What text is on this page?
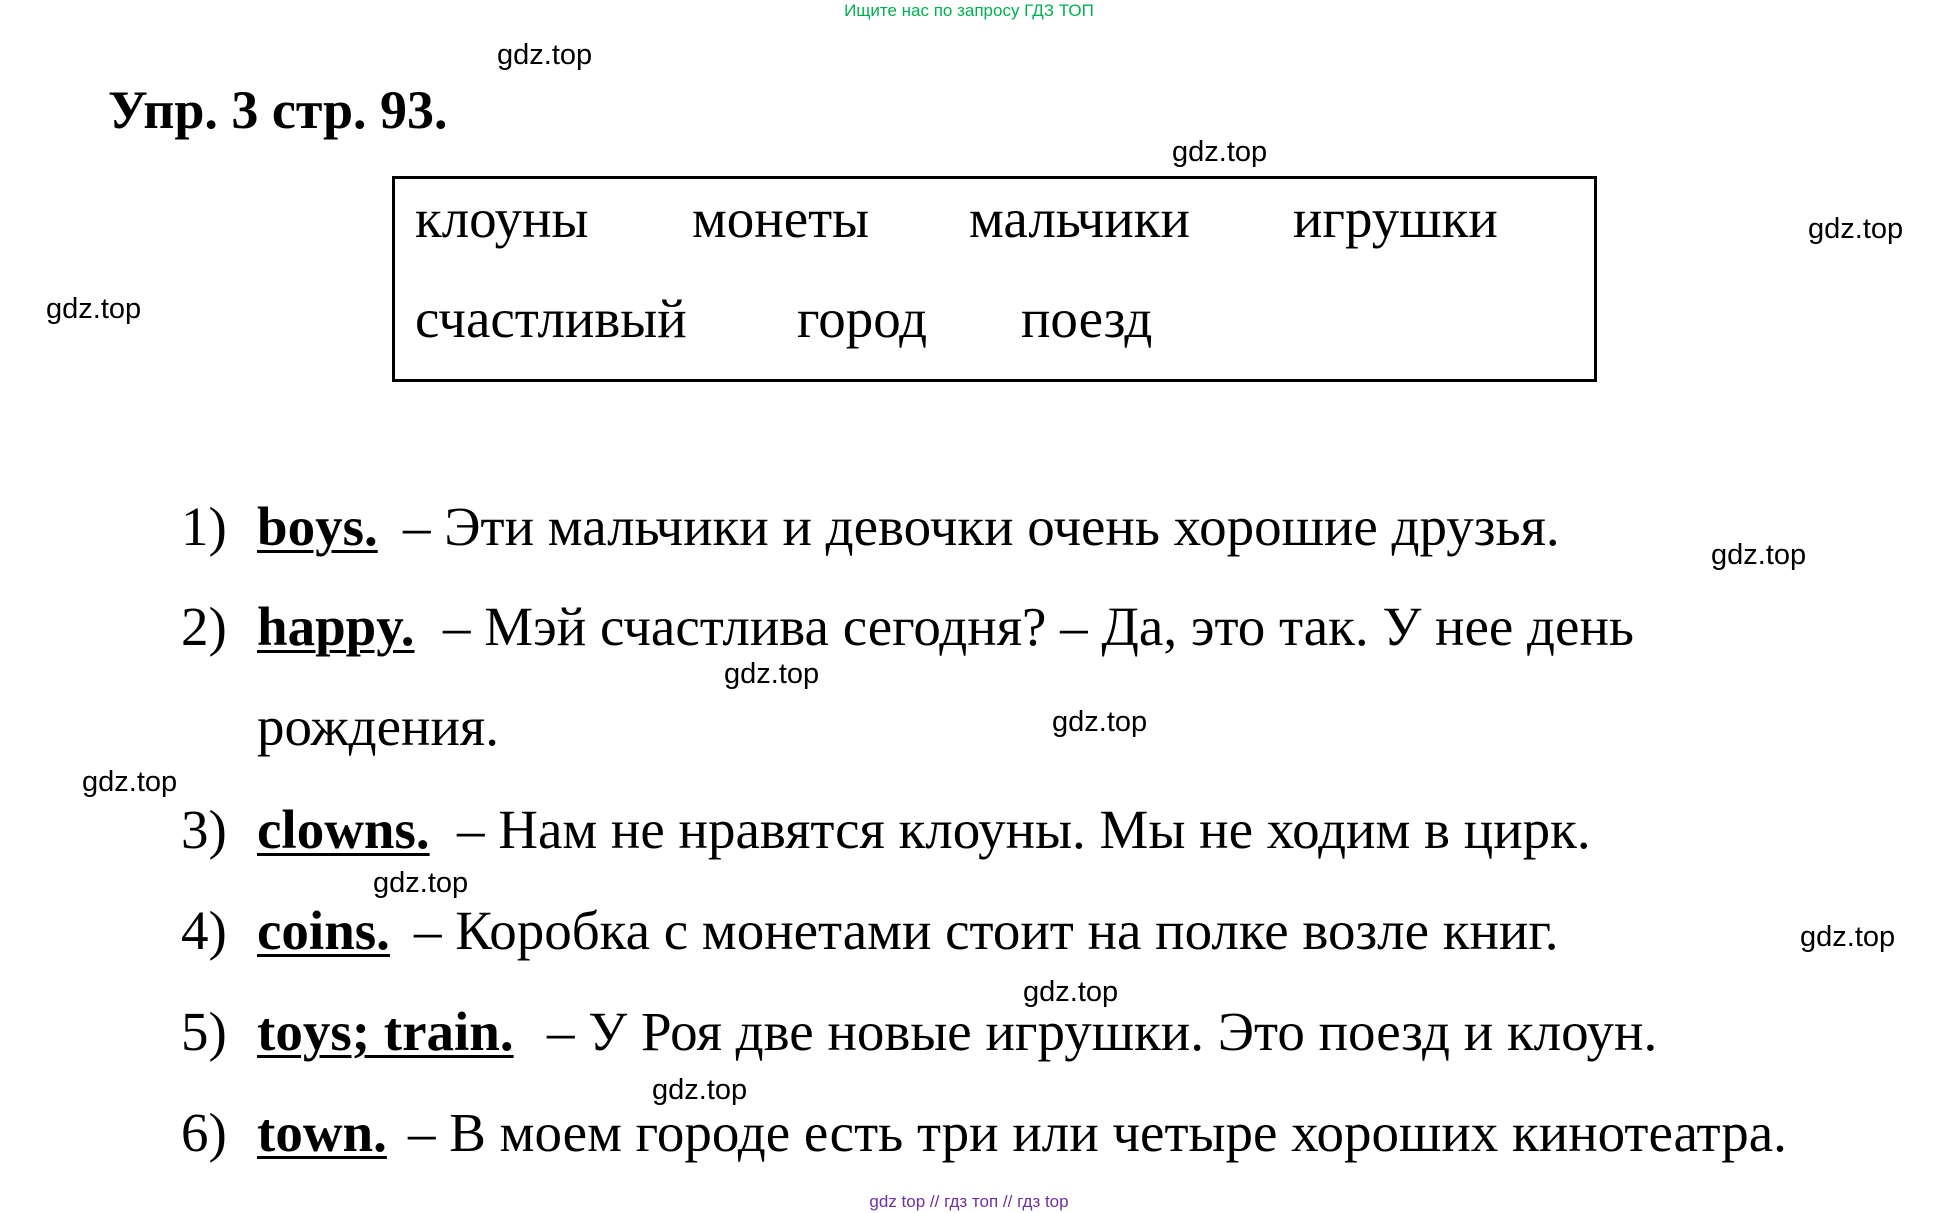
Ищите нас по запросу ГДЗ ТОП
Упр. 3 стр. 93.
клоуны монеты мальчики игрушки
счастливый город поезд
1) boys. – Эти мальчики и девочки очень хорошие друзья.
2) happy. – Мэй счастлива сегодня? – Да, это так. У нее день
рождения.
3) clowns. – Нам не нравятся клоуны. Мы не ходим в цирк.
4) coins. – Коробка с монетами стоит на полке возле книг.
5) toys; train. – У Роя две новые игрушки. Это поезд и клоун.
6) town. – В моем городе есть три или четыре хороших кинотеатра.
gdz.top
gdz.top
gdz.top
gdz.top
gdz.top
gdz.top
gdz.top
gdz.top
gdz.top
gdz.top
gdz.top
gdz.top
gdz top // гдз топ // гдз top
